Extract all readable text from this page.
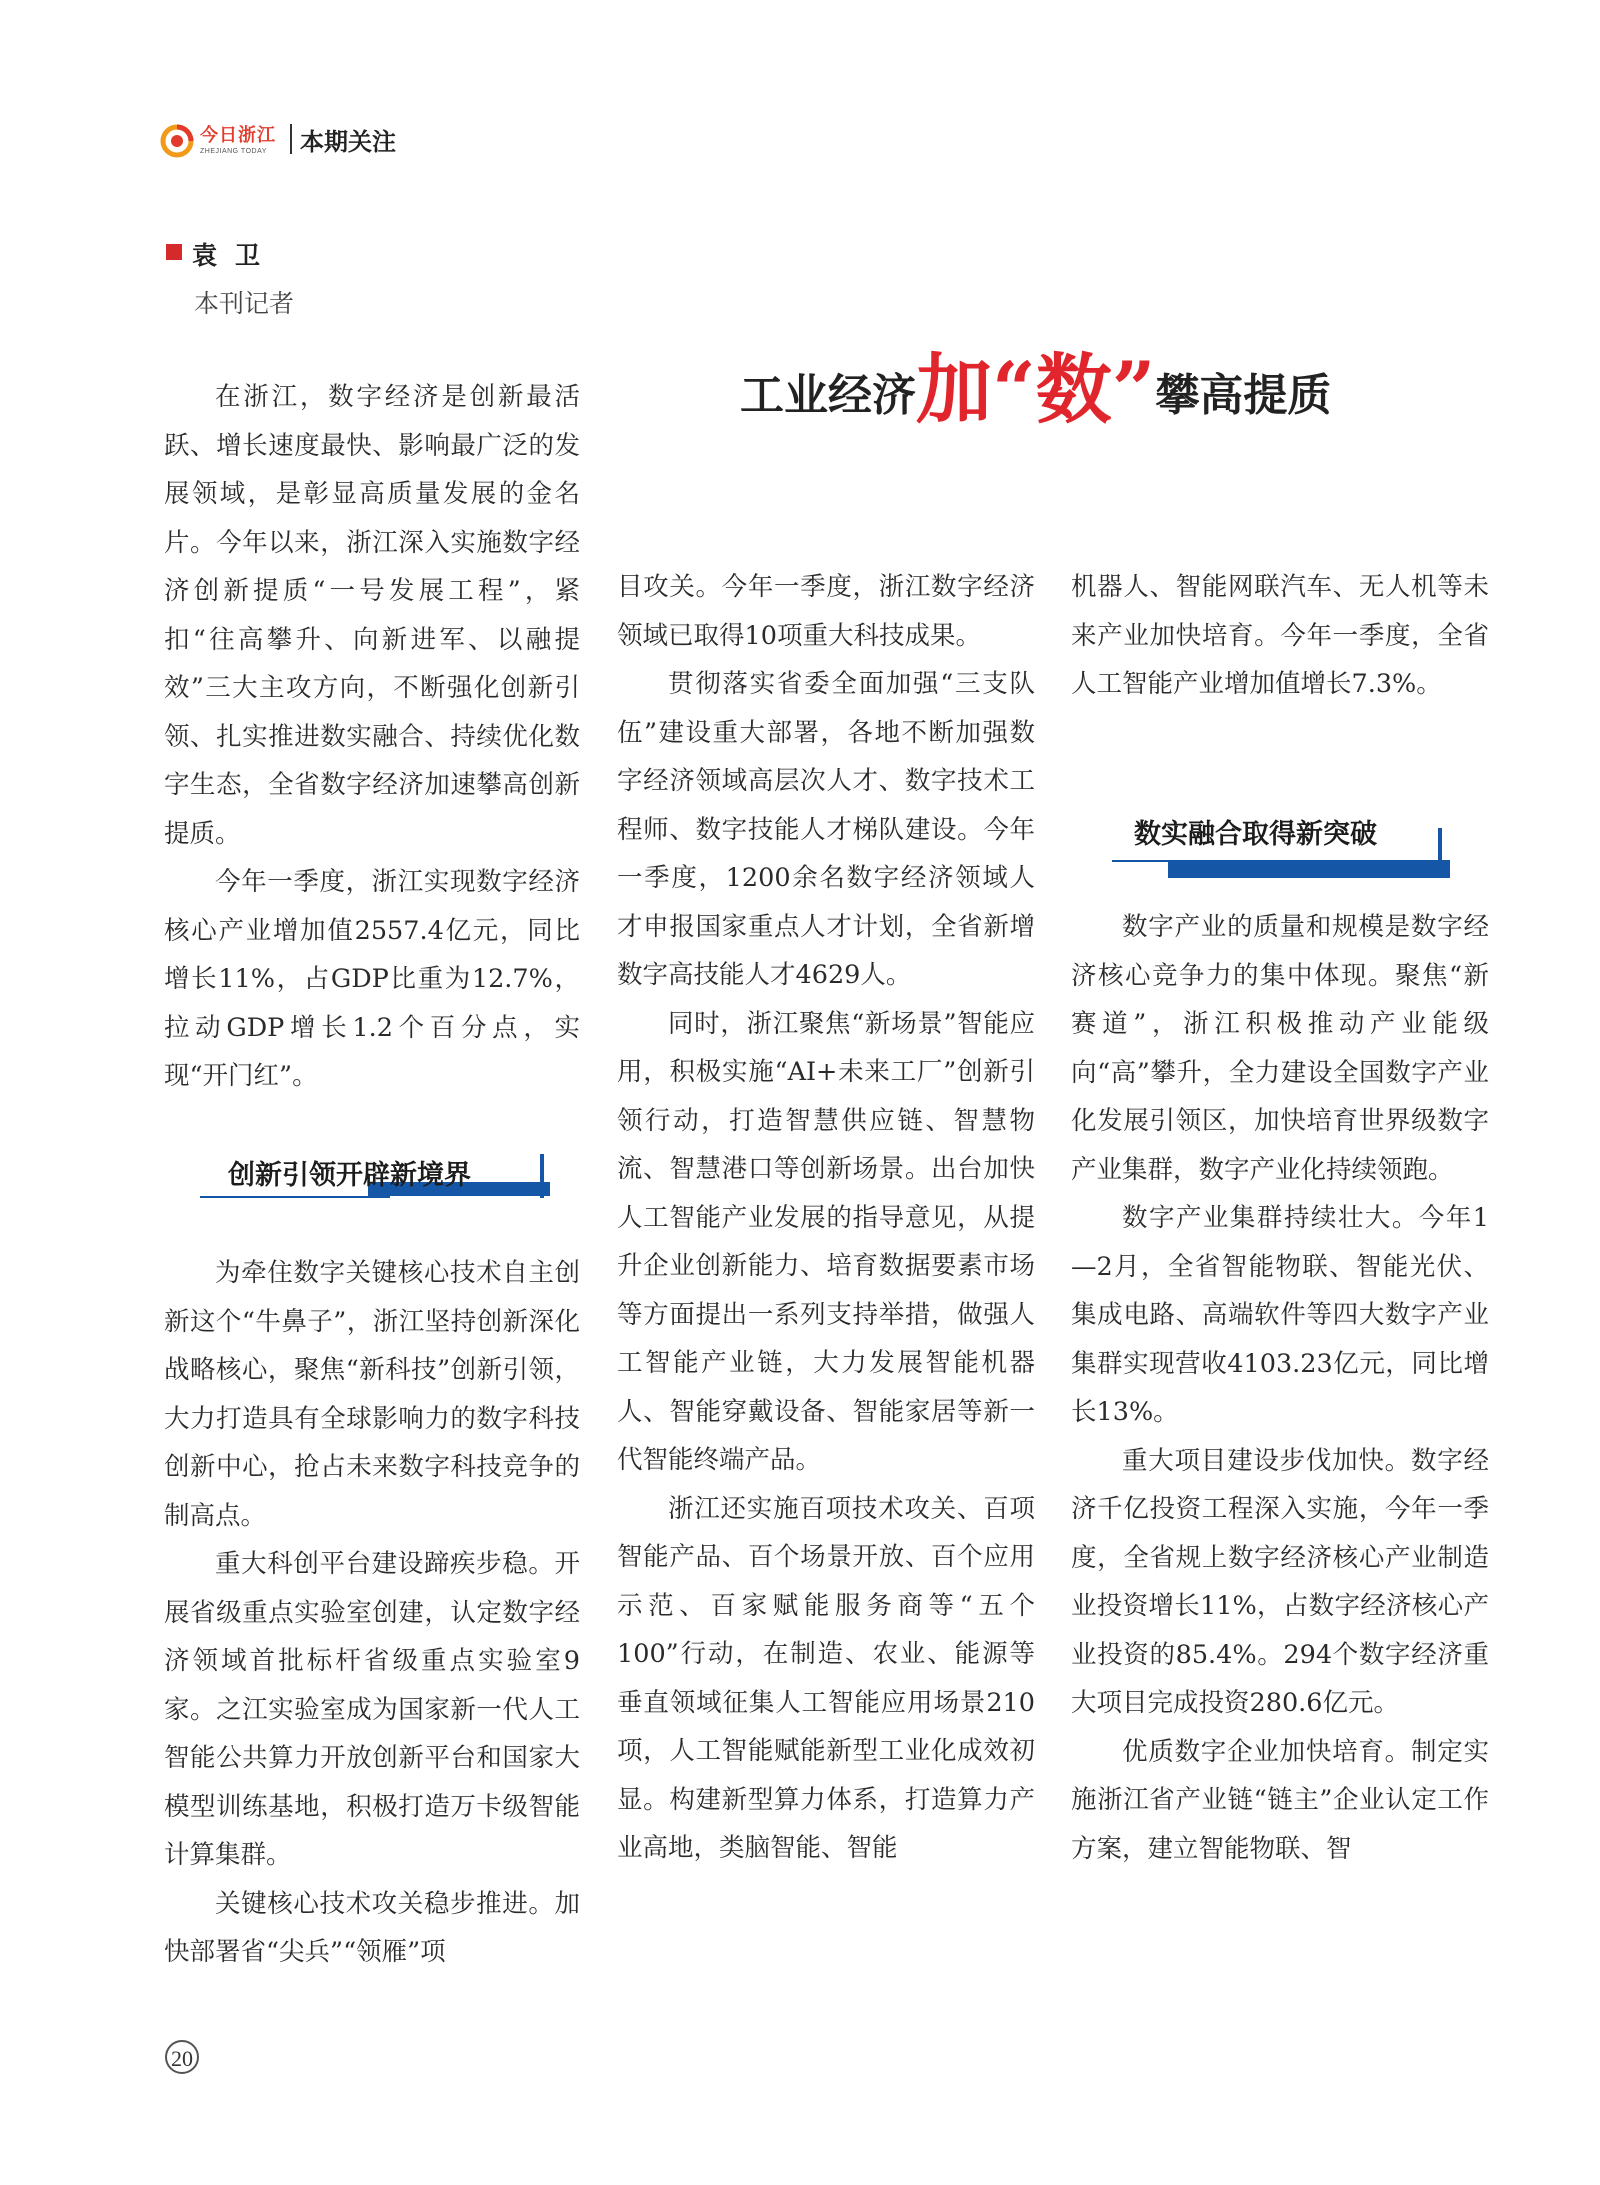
今日浙江
ZHEJIANG TODAY	本期关注
袁卫
本刊记者
工业经济加“数”攀高提质

在浙江，数字经济是创新最活跃、增长速度最快、影响最广泛的发展领域，是彰显高质量发展的金名片。今年以来，浙江深入实施数字经济创新提质“一号发展工程”，紧扣“往高攀升、向新进军、以融提效”三大主攻方向，不断强化创新引领、扎实推进数实融合、持续优化数字生态，全省数字经济加速攀高创新提质。

今年一季度，浙江实现数字经济核心产业增加值2557.4亿元，同比增长11%，占GDP比重为12.7%，拉动GDP增长1.2个百分点，实现“开门红”。

创新引领开辟新境界

为牵住数字关键核心技术自主创新这个“牛鼻子”，浙江坚持创新深化战略核心，聚焦“新科技”创新引领，大力打造具有全球影响力的数字科技创新中心，抢占未来数字科技竞争的制高点。

重大科创平台建设蹄疾步稳。开展省级重点实验室创建，认定数字经济领域首批标杆省级重点实验室9家。之江实验室成为国家新一代人工智能公共算力开放创新平台和国家大模型训练基地，积极打造万卡级智能计算集群。

关键核心技术攻关稳步推进。加快部署省“尖兵”“领雁”项

目攻关。今年一季度，浙江数字经济领域已取得10项重大科技成果。

贯彻落实省委全面加强“三支队伍”建设重大部署，各地不断加强数字经济领域高层次人才、数字技术工程师、数字技能人才梯队建设。今年一季度，1200余名数字经济领域人才申报国家重点人才计划，全省新增数字高技能人才4629人。

同时，浙江聚焦“新场景”智能应用，积极实施“AI+未来工厂”创新引领行动，打造智慧供应链、智慧物流、智慧港口等创新场景。出台加快人工智能产业发展的指导意见，从提升企业创新能力、培育数据要素市场等方面提出一系列支持举措，做强人工智能产业链，大力发展智能机器人、智能穿戴设备、智能家居等新一代智能终端产品。

浙江还实施百项技术攻关、百项智能产品、百个场景开放、百个应用示范、百家赋能服务商等“五个100”行动，在制造、农业、能源等垂直领域征集人工智能应用场景210项，人工智能赋能新型工业化成效初显。构建新型算力体系，打造算力产业高地，类脑智能、智能

机器人、智能网联汽车、无人机等未来产业加快培育。今年一季度，全省人工智能产业增加值增长7.3%。

数实融合取得新突破

数字产业的质量和规模是数字经济核心竞争力的集中体现。聚焦“新赛道”，浙江积极推动产业能级向“高”攀升，全力建设全国数字产业化发展引领区，加快培育世界级数字产业集群，数字产业化持续领跑。

数字产业集群持续壮大。今年1—2月，全省智能物联、智能光伏、集成电路、高端软件等四大数字产业集群实现营收4103.23亿元，同比增长13%。

重大项目建设步伐加快。数字经济千亿投资工程深入实施，今年一季度，全省规上数字经济核心产业制造业投资增长11%，占数字经济核心产业投资的85.4%。294个数字经济重大项目完成投资280.6亿元。

优质数字企业加快培育。制定实施浙江省产业链“链主”企业认定工作方案，建立智能物联、智

20
